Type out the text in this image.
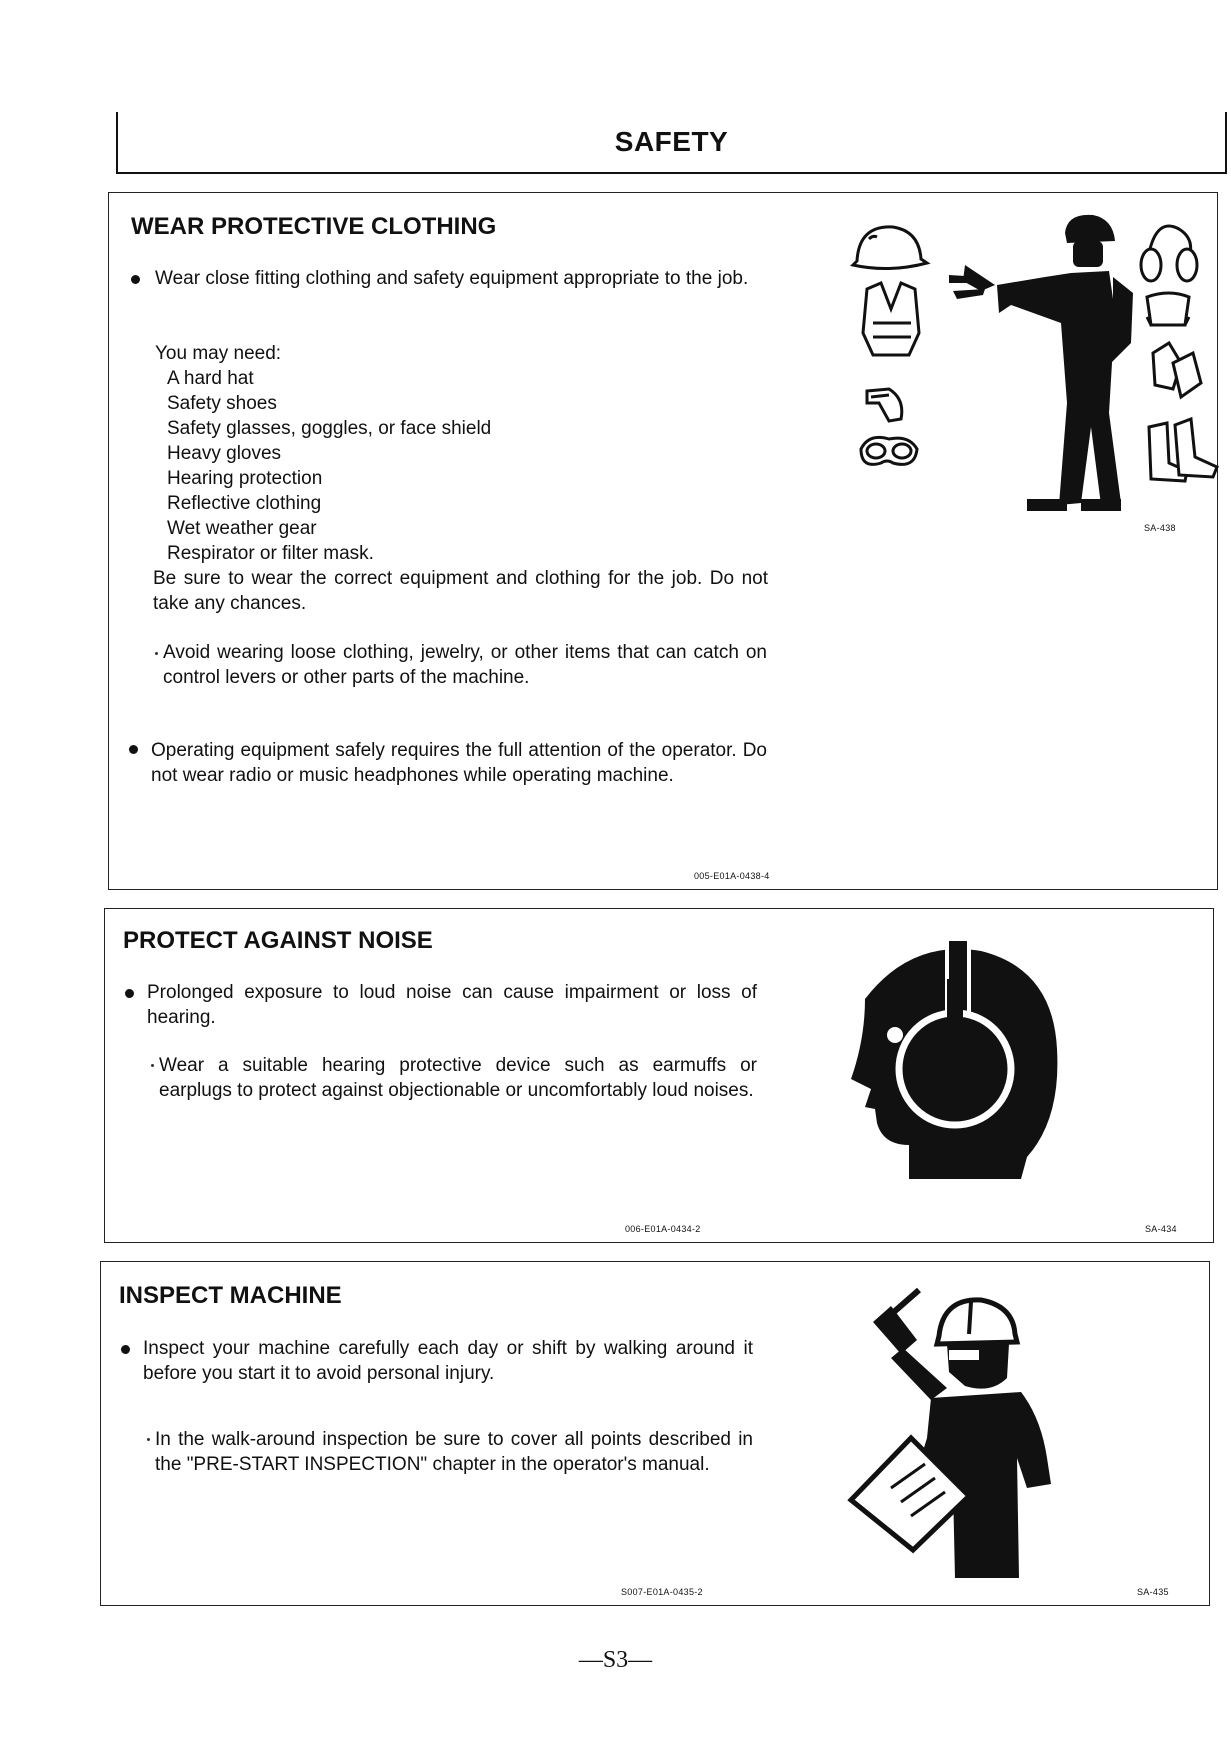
SAFETY
WEAR PROTECTIVE CLOTHING
Wear close fitting clothing and safety equipment appropriate to the job.
You may need:
A hard hat
Safety shoes
Safety glasses, goggles, or face shield
Heavy gloves
Hearing protection
Reflective clothing
Wet weather gear
Respirator or filter mask.
Be sure to wear the correct equipment and clothing for the job. Do not take any chances.
Avoid wearing loose clothing, jewelry, or other items that can catch on control levers or other parts of the machine.
Operating equipment safely requires the full attention of the operator. Do not wear radio or music headphones while operating machine.
SA-438
005-E01A-0438-4
PROTECT AGAINST NOISE
Prolonged exposure to loud noise can cause impairment or loss of hearing.
Wear a suitable hearing protective device such as earmuffs or earplugs to protect against objectionable or uncomfortably loud noises.
006-E01A-0434-2	SA-434
INSPECT MACHINE
Inspect your machine carefully each day or shift by walking around it before you start it to avoid personal injury.
In the walk-around inspection be sure to cover all points described in the "PRE-START INSPECTION" chapter in the operator's manual.
S007-E01A-0435-2	SA-435
—S3—
